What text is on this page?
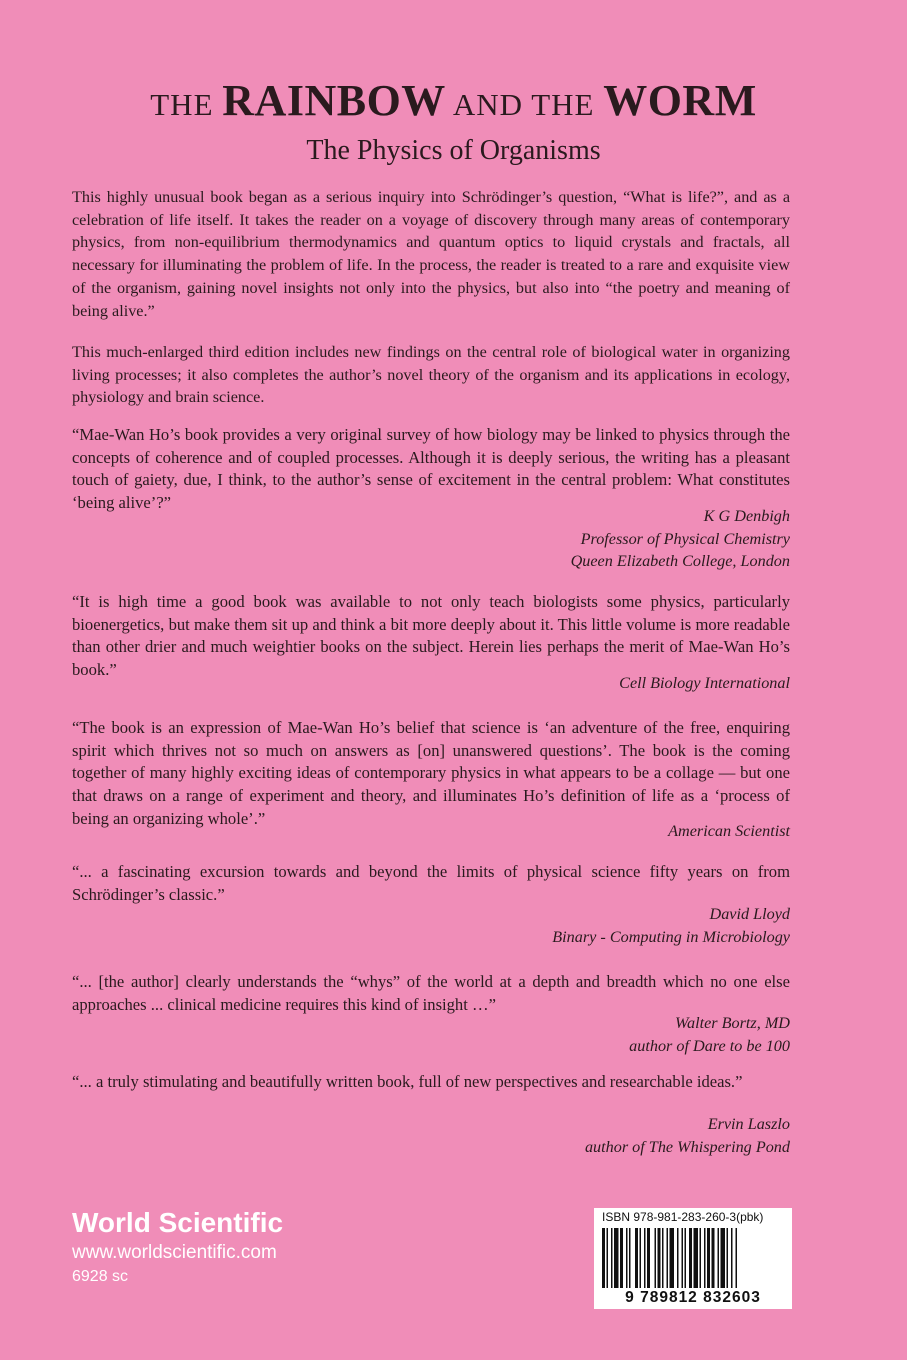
THE RAINBOW AND THE WORM
The Physics of Organisms

This highly unusual book began as a serious inquiry into Schrödinger’s question, “What is life?”, and as a celebration of life itself. It takes the reader on a voyage of discovery through many areas of contemporary physics, from non-equilibrium thermodynamics and quantum optics to liquid crystals and fractals, all necessary for illuminating the problem of life. In the process, the reader is treated to a rare and exquisite view of the organism, gaining novel insights not only into the physics, but also into “the poetry and meaning of being alive.”

This much-enlarged third edition includes new findings on the central role of biological water in organizing living processes; it also completes the author’s novel theory of the organism and its applications in ecology, physiology and brain science.

“Mae-Wan Ho’s book provides a very original survey of how biology may be linked to physics through the concepts of coherence and of coupled processes. Although it is deeply serious, the writing has a pleasant touch of gaiety, due, I think, to the author’s sense of excitement in the central problem: What constitutes ‘being alive’?”

K G Denbigh
Professor of Physical Chemistry
Queen Elizabeth College, London

“It is high time a good book was available to not only teach biologists some physics, particularly bioenergetics, but make them sit up and think a bit more deeply about it. This little volume is more readable than other drier and much weightier books on the subject. Herein lies perhaps the merit of Mae-Wan Ho’s book.”

Cell Biology International

“The book is an expression of Mae-Wan Ho’s belief that science is ‘an adventure of the free, enquiring spirit which thrives not so much on answers as [on] unanswered questions’. The book is the coming together of many highly exciting ideas of contemporary physics in what appears to be a collage — but one that draws on a range of experiment and theory, and illuminates Ho’s definition of life as a ‘process of being an organizing whole’.”

American Scientist

“... a fascinating excursion towards and beyond the limits of physical science fifty years on from Schrödinger’s classic.”

David Lloyd
Binary - Computing in Microbiology

“... [the author] clearly understands the “whys” of the world at a depth and breadth which no one else approaches ... clinical medicine requires this kind of insight …”

Walter Bortz, MD
author of Dare to be 100

“... a truly stimulating and beautifully written book, full of new perspectives and researchable ideas.”

Ervin Laszlo
author of The Whispering Pond
World Scientific
www.worldscientific.com
6928 sc
ISBN 978-981-283-260-3(pbk)
9 789812 832603
